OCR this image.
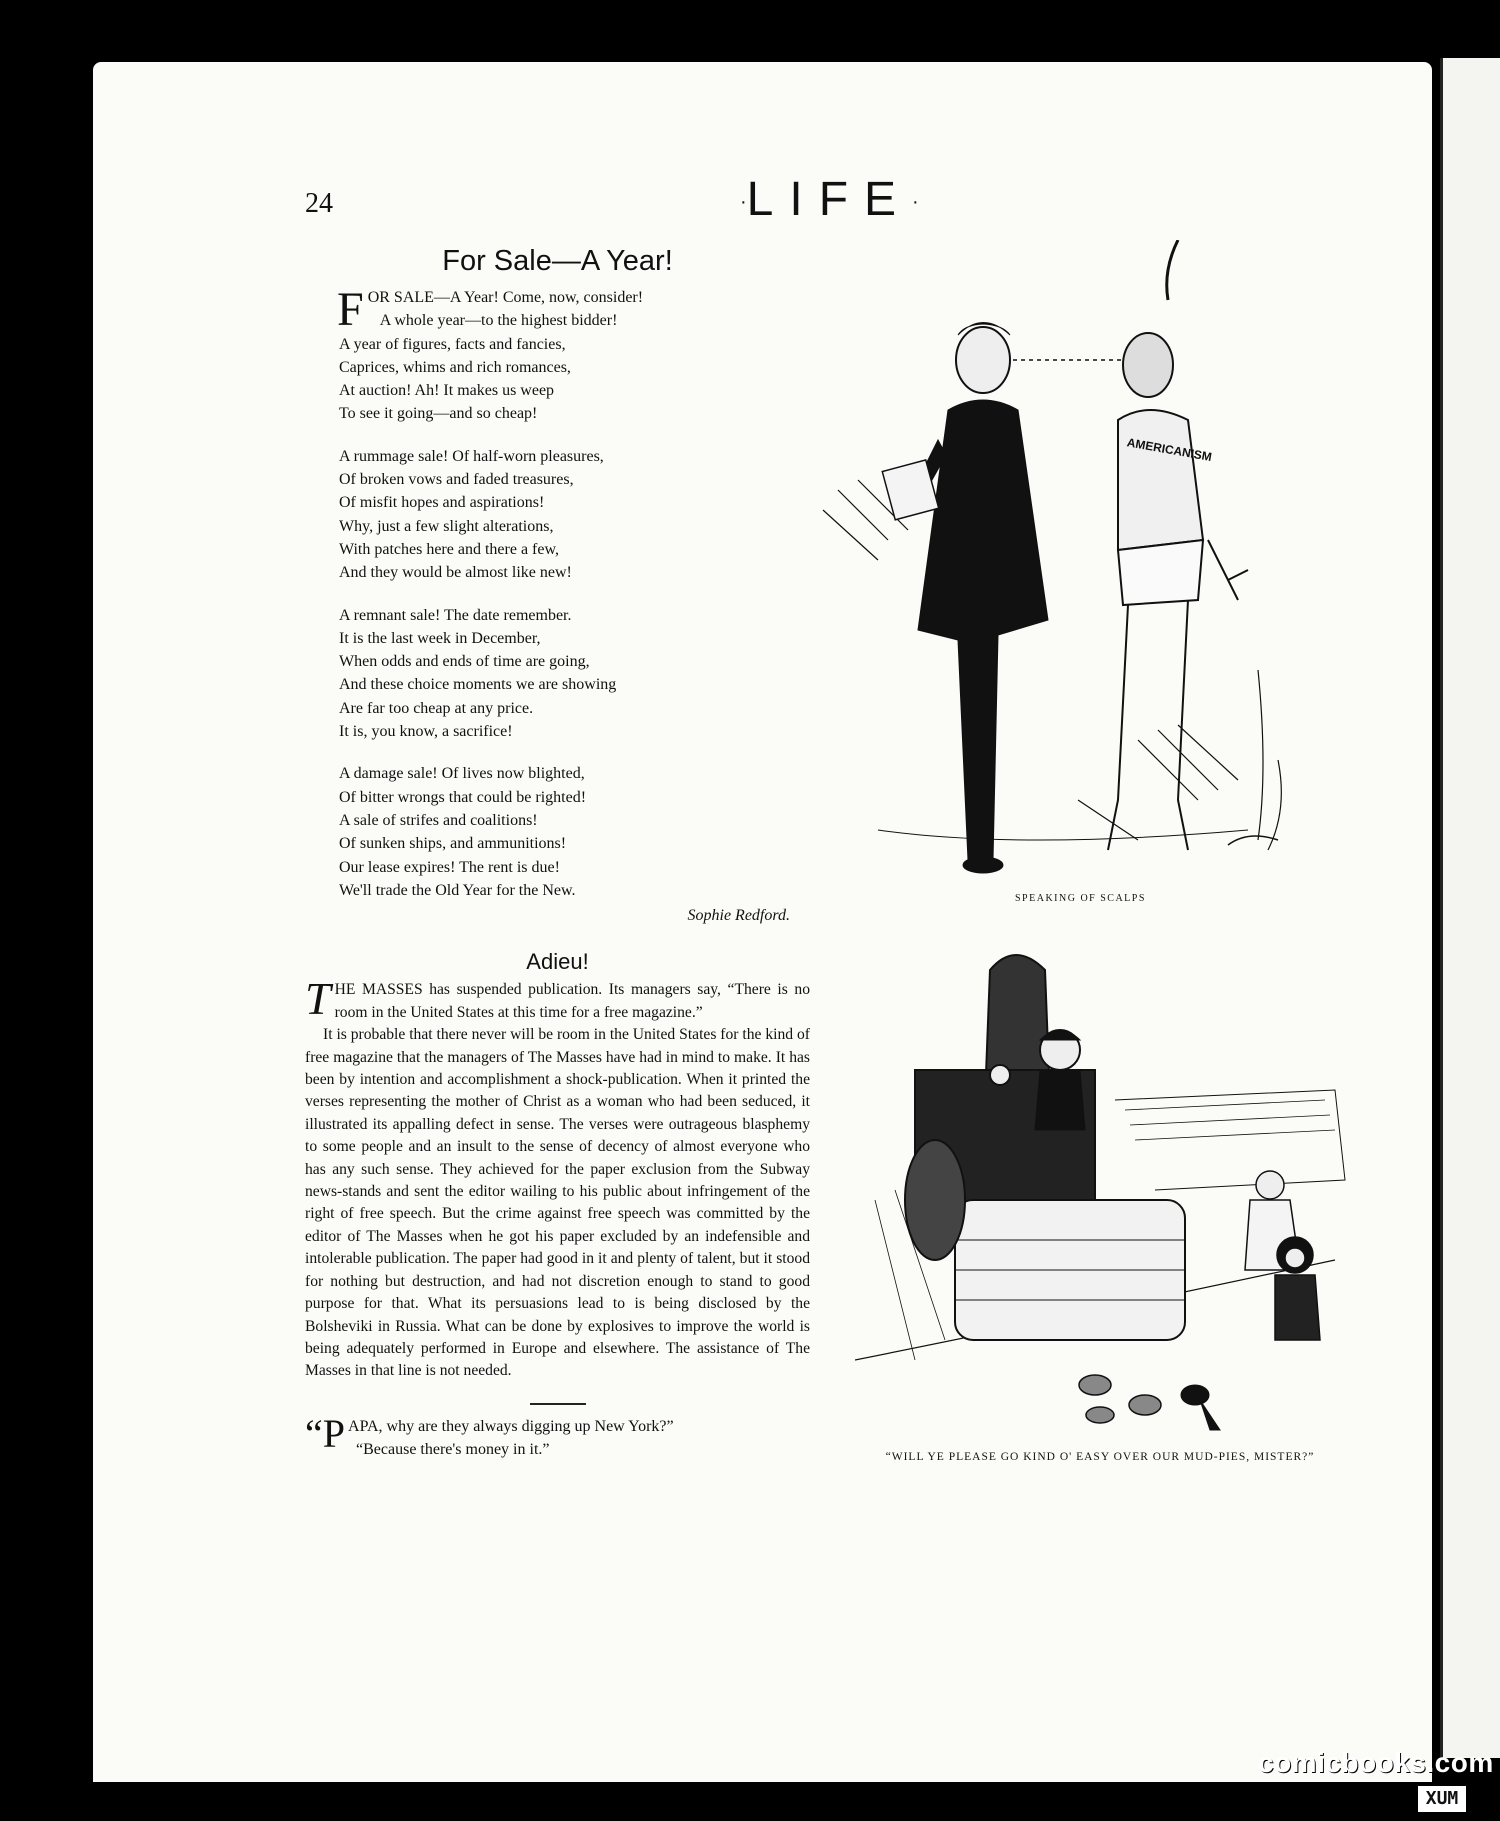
24	·LIFE·
For Sale—A Year!
FOR SALE—A Year! Come, now, consider!
A whole year—to the highest bidder!
A year of figures, facts and fancies,
Caprices, whims and rich romances,
At auction! Ah! It makes us weep
To see it going—and so cheap!
A rummage sale! Of half-worn pleasures,
Of broken vows and faded treasures,
Of misfit hopes and aspirations!
Why, just a few slight alterations,
With patches here and there a few,
And they would be almost like new!
A remnant sale! The date remember.
It is the last week in December,
When odds and ends of time are going,
And these choice moments we are showing
Are far too cheap at any price.
It is, you know, a sacrifice!
A damage sale! Of lives now blighted,
Of bitter wrongs that could be righted!
A sale of strifes and coalitions!
Of sunken ships, and ammunitions!
Our lease expires! The rent is due!
We'll trade the Old Year for the New.
Sophie Redford.
Adieu!

THE MASSES has suspended publication. Its managers say, “There is no room in the United States at this time for a free magazine.”

It is probable that there never will be room in the United States for the kind of free magazine that the managers of The Masses have had in mind to make. It has been by intention and accomplishment a shock-publication. When it printed the verses representing the mother of Christ as a woman who had been seduced, it illustrated its appalling defect in sense. The verses were outrageous blasphemy to some people and an insult to the sense of decency of almost everyone who has any such sense. They achieved for the paper exclusion from the Subway news-stands and sent the editor wailing to his public about infringement of the right of free speech. But the crime against free speech was committed by the editor of The Masses when he got his paper excluded by an indefensible and intolerable publication. The paper had good in it and plenty of talent, but it stood for nothing but destruction, and had not discretion enough to stand to good purpose for that. What its persuasions lead to is being disclosed by the Bolsheviki in Russia. What can be done by explosives to improve the world is being adequately performed in Europe and elsewhere. The assistance of The Masses in that line is not needed.

“P APA, why are they always digging up New York?”
“Because there's money in it.”
AMERICANISM
SPEAKING OF SCALPS
“WILL YE PLEASE GO KIND O' EASY OVER OUR MUD-PIES, MISTER?”
comicbooks.com
XUM
